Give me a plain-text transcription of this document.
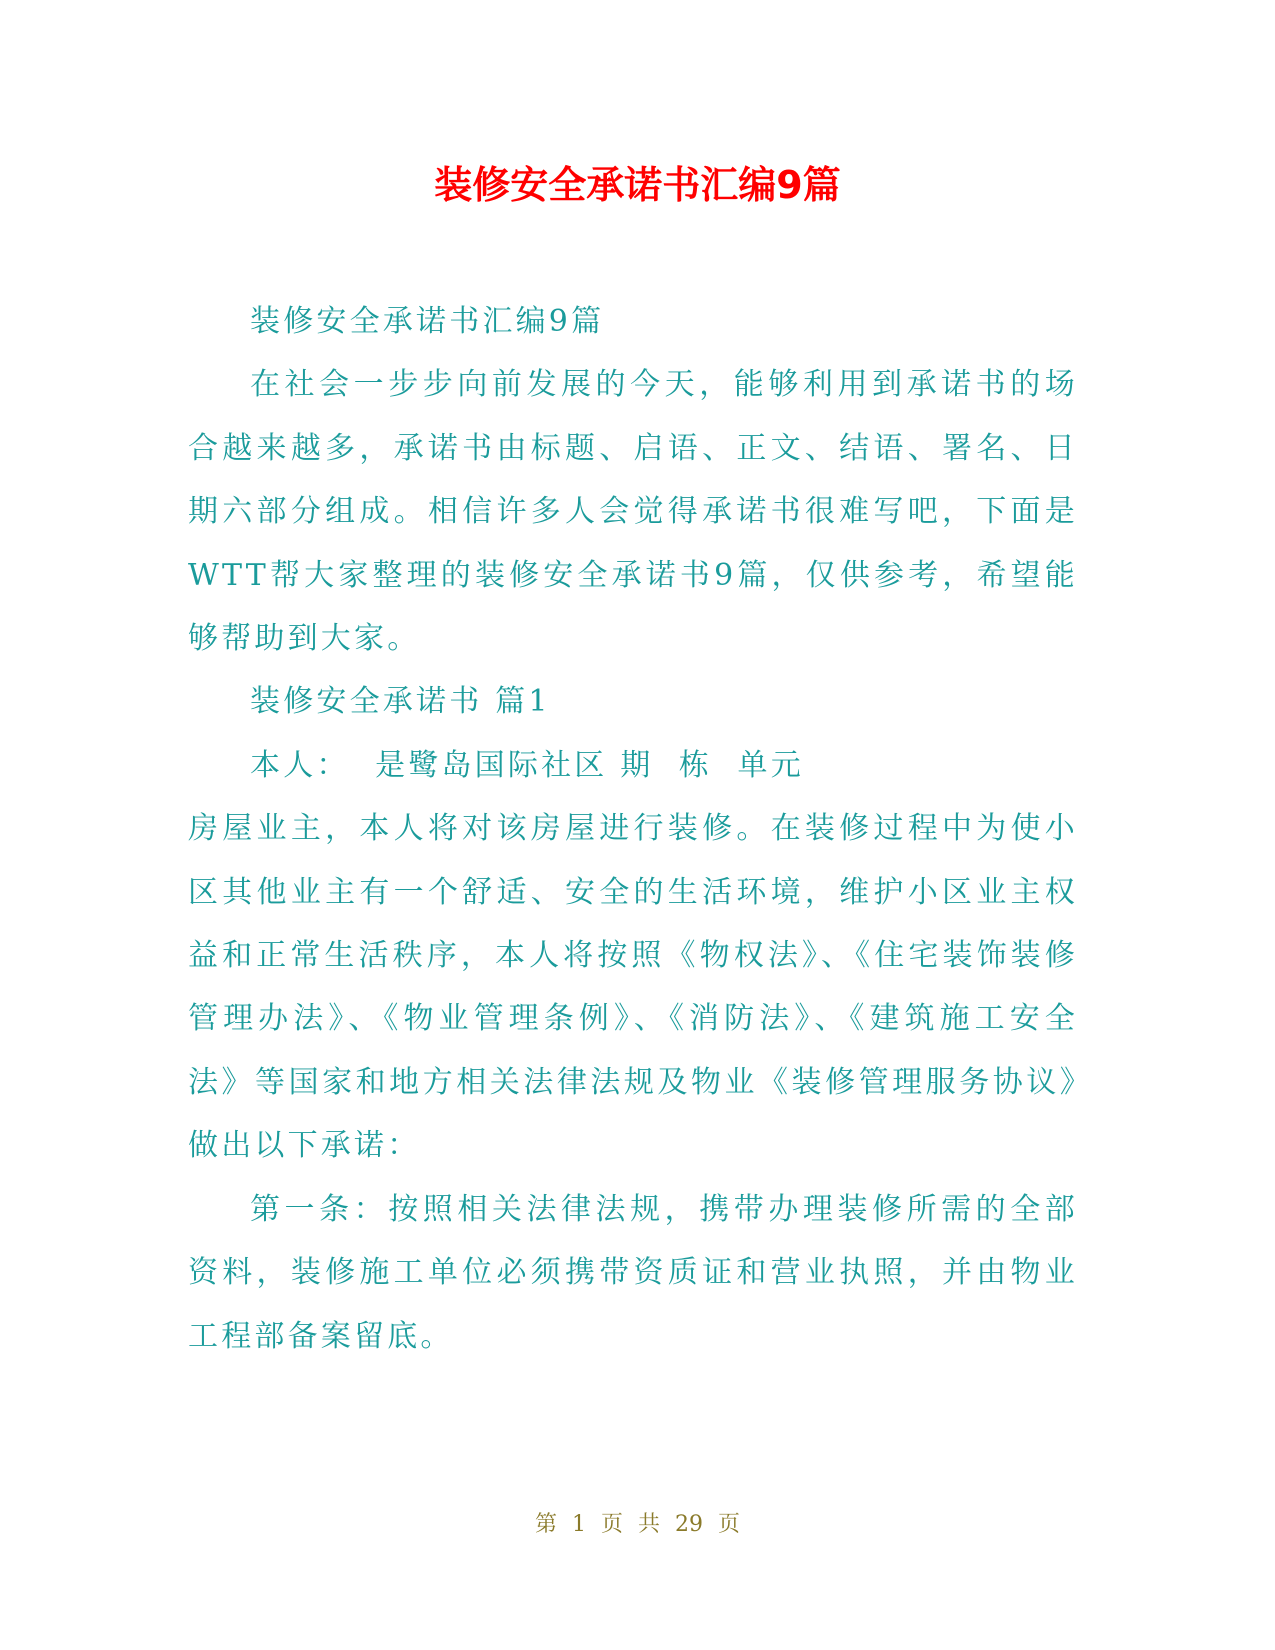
装修安全承诺书汇编9篇

装修安全承诺书汇编9篇

在社会一步步向前发展的今天，能够利用到承诺书的场合越来越多，承诺书由标题、启语、正文、结语、署名、日期六部分组成。相信许多人会觉得承诺书很难写吧，下面是WTT帮大家整理的装修安全承诺书9篇，仅供参考，希望能够帮助到大家。

装修安全承诺书 篇1

本人：  是鹭岛国际社区 期  栋  单元

房屋业主，本人将对该房屋进行装修。在装修过程中为使小区其他业主有一个舒适、安全的生活环境，维护小区业主权益和正常生活秩序，本人将按照《物权法》、《住宅装饰装修管理办法》、《物业管理条例》、《消防法》、《建筑施工安全法》等国家和地方相关法律法规及物业《装修管理服务协议》做出以下承诺：

第一条：按照相关法律法规，携带办理装修所需的全部资料，装修施工单位必须携带资质证和营业执照，并由物业工程部备案留底。

第 1 页 共 29 页
